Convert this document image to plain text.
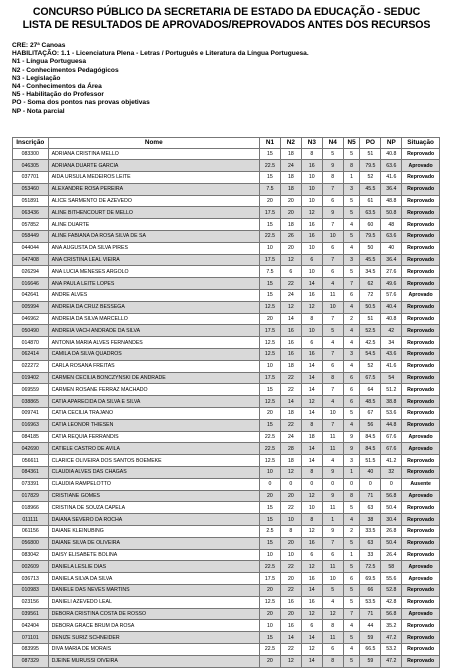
CONCURSO PÚBLICO DA SECRETARIA DE ESTADO DA EDUCAÇÃO - SEDUC
LISTA DE RESULTADOS DE APROVADOS/REPROVADOS ANTES DOS RECURSOS
CRE: 27ª Canoas
HABILITAÇÃO: 1.1 - Licenciatura Plena - Letras / Português e Literatura da Língua Portuguesa.
N1 - Língua Portuguesa
N2 - Conhecimentos Pedagógicos
N3 - Legislação
N4 - Conhecimentos da Área
N5 - Habilitação do Professor
PO - Soma dos pontos nas provas objetivas
NP - Nota parcial
Inscrição	Nome	N1	N2	N3	N4	N5	PO	NP	Situação
083300	ADRIANA CRISTINA MELLO	15	18	8	5	5	51	40.8	Reprovado
046305	ADRIANA DUARTE GARCIA	22.5	24	16	9	8	79.5	63.6	Aprovado
037701	AIDA URSULA MEDEIROS LEITE	15	18	10	8	1	52	41.6	Reprovado
053460	ALEXANDRE ROSA PEREIRA	7.5	18	10	7	3	45.5	36.4	Reprovado
051891	ALICE SARMENTO DE AZEVEDO	20	20	10	6	5	61	48.8	Reprovado
063436	ALINE BITHENCOURT DE MELLO	17.5	20	12	9	5	63.5	50.8	Reprovado
057852	ALINE DUARTE	15	18	16	7	4	60	48	Reprovado
058449	ALINE FABIANA DA ROSA SILVA DE SA	22.5	26	16	10	5	79.5	63.6	Reprovado
044044	ANA AUGUSTA DA SILVA PIRES	10	20	10	6	4	50	40	Reprovado
047408	ANA CRISTINA LEAL VIEIRA	17.5	12	6	7	3	45.5	36.4	Reprovado
026294	ANA LUCIA MENESES ARGOLO	7.5	6	10	6	5	34.5	27.6	Reprovado
016646	ANA PAULA LEITE LOPES	15	22	14	4	7	62	49.6	Reprovado
042641	ANDRE ALVES	15	24	16	11	6	72	57.6	Aprovado
005994	ANDREIA DA CRUZ BESSEGA	12.5	12	12	10	4	50.5	40.4	Reprovado
046962	ANDREIA DA SILVA MARCELLO	20	14	8	7	2	51	40.8	Reprovado
050490	ANDREIA VACH ANDRADE DA SILVA	17.5	16	10	5	4	52.5	42	Reprovado
014870	ANTONIA MARIA ALVES FERNANDES	12.5	16	6	4	4	42.5	34	Reprovado
062414	CAMILA DA SILVA QUADROS	12.5	16	16	7	3	54.5	43.6	Reprovado
022272	CARLA ROSANA FREITAS	10	18	14	6	4	52	41.6	Reprovado
019402	CARMEN CECILIA BONCZYNSKI DE ANDRADE	17.5	22	14	8	6	67.5	54	Reprovado
069559	CARMEN ROSANE FERRAZ MACHADO	15	22	14	7	6	64	51.2	Reprovado
038865	CATIA APARECIDA DA SILVA E SILVA	12.5	14	12	4	6	48.5	38.8	Reprovado
009741	CATIA CECILIA TRAJANO	20	18	14	10	5	67	53.6	Reprovado
016963	CATIA LEONOR THIESEN	15	22	8	7	4	56	44.8	Reprovado
084185	CATIA REQUIA FERRANDIS	22.5	24	18	11	9	84.5	67.6	Aprovado
042690	CATIELE CASTRO DE AVILA	22.5	28	14	11	9	84.5	67.6	Aprovado
056611	CLARICE OLIVEIRA DOS SANTOS BOEMEKE	12.5	18	14	4	3	51.5	41.2	Reprovado
084361	CLAUDIA ALVES DAS CHAGAS	10	12	8	9	1	40	32	Reprovado
073391	CLAUDIA RAMPELOTTO	0	0	0	0	0	0	0	Ausente
017829	CRISTIANE GOMES	20	20	12	9	8	71	56.8	Aprovado
018966	CRISTINA DE SOUZA CAPELA	15	22	10	11	5	63	50.4	Reprovado
011111	DAIANA SEVERO DA ROCHA	15	10	8	1	4	38	30.4	Reprovado
061156	DAIANE KLEINUBING	2.5	8	12	9	2	33.5	26.8	Reprovado
056800	DAIANE SILVA DE OLIVEIRA	15	20	16	7	5	63	50.4	Reprovado
083042	DAISY ELISABETE BOLINA	10	10	6	6	1	33	26.4	Reprovado
002609	DANIELA LESLIE DIAS	22.5	22	12	11	5	72.5	58	Aprovado
036713	DANIELA SILVA DA SILVA	17.5	20	16	10	6	69.5	55.6	Aprovado
010983	DANIELE DAS NEVES MARTINS	20	22	14	5	5	66	52.8	Reprovado
023156	DANIELI AZEVEDO LEAL	12.5	16	16	4	5	53.5	42.8	Reprovado
039561	DEBORA CRISTINA COSTA DE ROSSO	20	20	12	12	7	71	56.8	Aprovado
042404	DEBORA GRACE BRUM DA ROSA	10	16	6	8	4	44	35.2	Reprovado
071101	DENIZE SURIZ SCHNEIDER	15	14	14	11	5	59	47.2	Reprovado
083995	DIVA MARIA DE MORAIS	22.5	22	12	6	4	66.5	53.2	Reprovado
087329	DJEINE MURUSSI OIVEIRA	20	12	14	8	5	59	47.2	Reprovado
